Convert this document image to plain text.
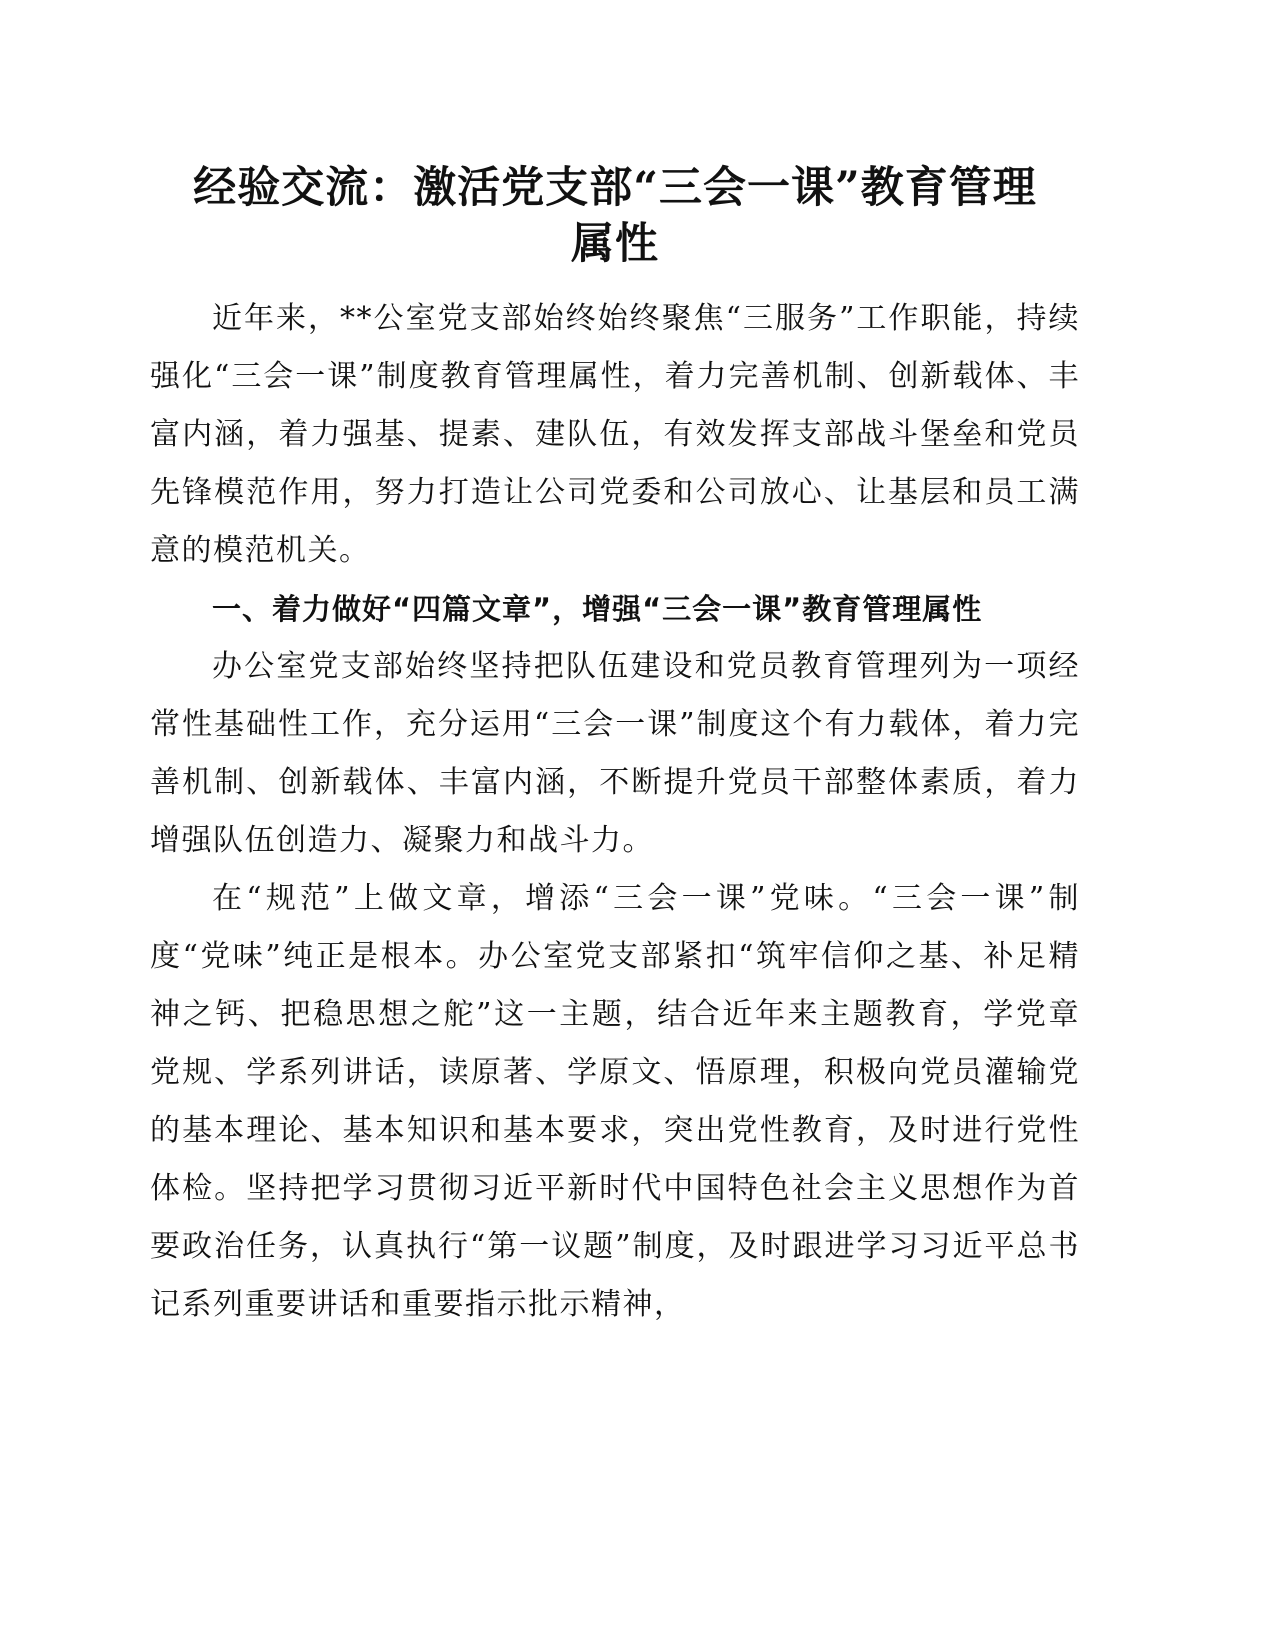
经验交流：激活党支部“三会一课”教育管理
属性

近年来，**公室党支部始终始终聚焦“三服务”工作职能，持续强化“三会一课”制度教育管理属性，着力完善机制、创新载体、丰富内涵，着力强基、提素、建队伍，有效发挥支部战斗堡垒和党员先锋模范作用，努力打造让公司党委和公司放心、让基层和员工满意的模范机关。

一、着力做好“四篇文章”，增强“三会一课”教育管理属性

办公室党支部始终坚持把队伍建设和党员教育管理列为一项经常性基础性工作，充分运用“三会一课”制度这个有力载体，着力完善机制、创新载体、丰富内涵，不断提升党员干部整体素质，着力增强队伍创造力、凝聚力和战斗力。

在“规范”上做文章，增添“三会一课”党味。“三会一课”制度“党味”纯正是根本。办公室党支部紧扣“筑牢信仰之基、补足精神之钙、把稳思想之舵”这一主题，结合近年来主题教育，学党章党规、学系列讲话，读原著、学原文、悟原理，积极向党员灌输党的基本理论、基本知识和基本要求，突出党性教育，及时进行党性体检。坚持把学习贯彻习近平新时代中国特色社会主义思想作为首要政治任务，认真执行“第一议题”制度，及时跟进学习习近平总书记系列重要讲话和重要指示批示精神，
